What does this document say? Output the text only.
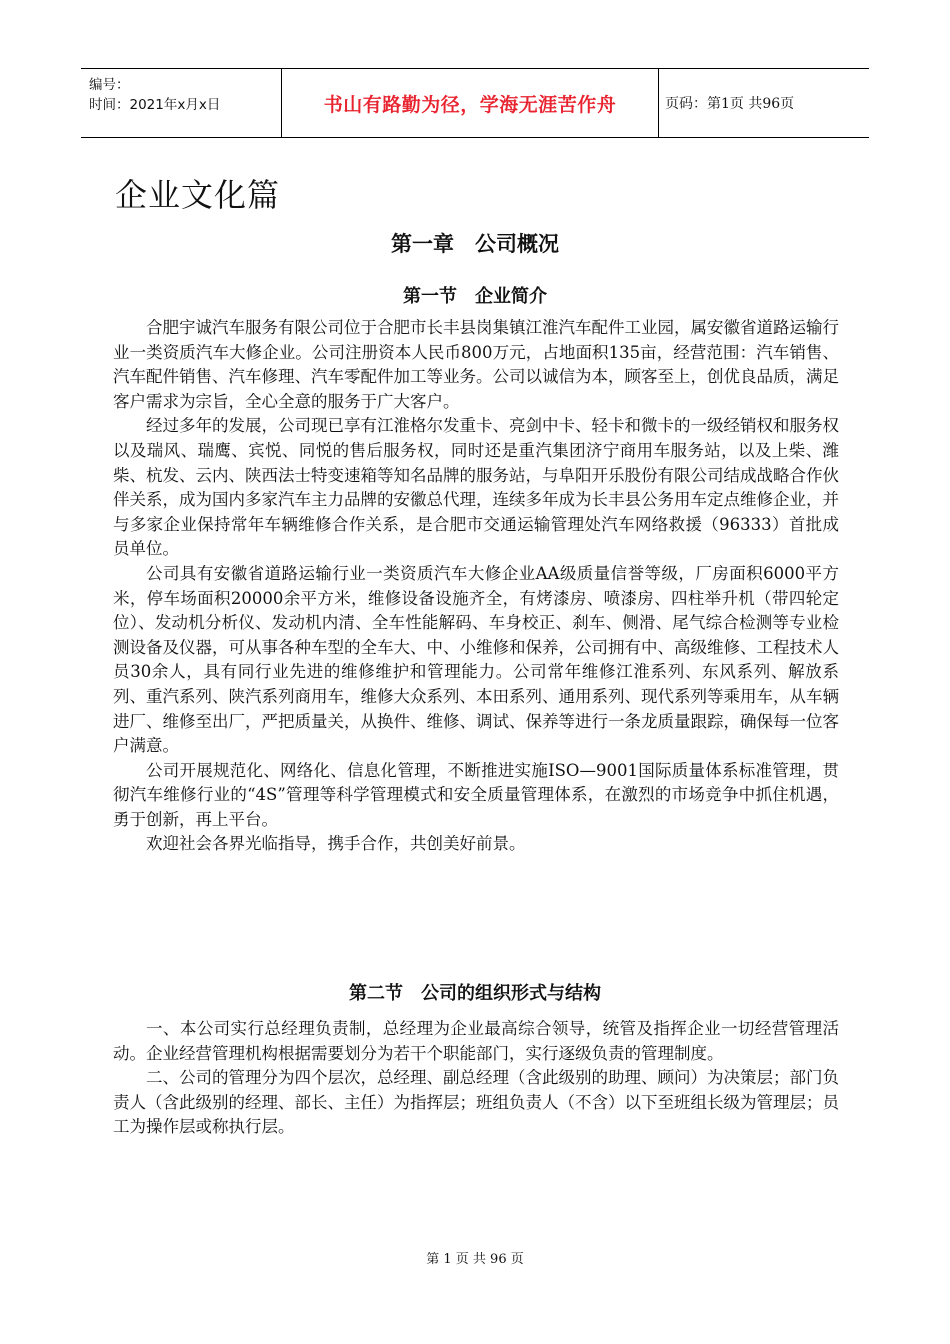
编号：
时间：2021年x月x日	书山有路勤为径，学海无涯苦作舟	页码：第1页 共96页
企业文化篇
第一章　公司概况
第一节　企业简介

合肥宇诚汽车服务有限公司位于合肥市长丰县岗集镇江淮汽车配件工业园，属安徽省道路运输行业一类资质汽车大修企业。公司注册资本人民币800万元，占地面积135亩，经营范围：汽车销售、汽车配件销售、汽车修理、汽车零配件加工等业务。公司以诚信为本，顾客至上，创优良品质，满足客户需求为宗旨，全心全意的服务于广大客户。

经过多年的发展，公司现已享有江淮格尔发重卡、亮剑中卡、轻卡和微卡的一级经销权和服务权以及瑞风、瑞鹰、宾悦、同悦的售后服务权，同时还是重汽集团济宁商用车服务站，以及上柴、潍柴、杭发、云内、陕西法士特变速箱等知名品牌的服务站，与阜阳开乐股份有限公司结成战略合作伙伴关系，成为国内多家汽车主力品牌的安徽总代理，连续多年成为长丰县公务用车定点维修企业，并与多家企业保持常年车辆维修合作关系，是合肥市交通运输管理处汽车网络救援（96333）首批成员单位。

公司具有安徽省道路运输行业一类资质汽车大修企业AA级质量信誉等级，厂房面积6000平方米，停车场面积20000余平方米，维修设备设施齐全，有烤漆房、喷漆房、四柱举升机（带四轮定位）、发动机分析仪、发动机内清、全车性能解码、车身校正、刹车、侧滑、尾气综合检测等专业检测设备及仪器，可从事各种车型的全车大、中、小维修和保养，公司拥有中、高级维修、工程技术人员30余人，具有同行业先进的维修维护和管理能力。公司常年维修江淮系列、东风系列、解放系列、重汽系列、陕汽系列商用车，维修大众系列、本田系列、通用系列、现代系列等乘用车，从车辆进厂、维修至出厂，严把质量关，从换件、维修、调试、保养等进行一条龙质量跟踪，确保每一位客户满意。

公司开展规范化、网络化、信息化管理，不断推进实施ISO—9001国际质量体系标准管理，贯彻汽车维修行业的“4S”管理等科学管理模式和安全质量管理体系，在激烈的市场竞争中抓住机遇，勇于创新，再上平台。

欢迎社会各界光临指导，携手合作，共创美好前景。

第二节　公司的组织形式与结构

一、本公司实行总经理负责制，总经理为企业最高综合领导，统管及指挥企业一切经营管理活动。企业经营管理机构根据需要划分为若干个职能部门，实行逐级负责的管理制度。

二、公司的管理分为四个层次，总经理、副总经理（含此级别的助理、顾问）为决策层；部门负责人（含此级别的经理、部长、主任）为指挥层；班组负责人（不含）以下至班组长级为管理层；员工为操作层或称执行层。

第 1 页 共 96 页
